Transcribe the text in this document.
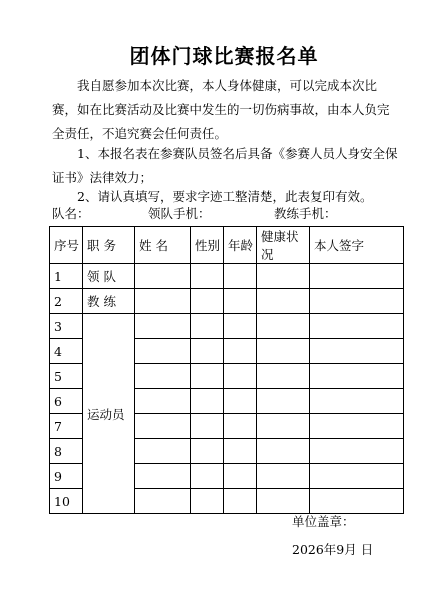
团体门球比赛报名单
我自愿参加本次比赛，本人身体健康，可以完成本次比赛，如在比赛活动及比赛中发生的一切伤病事故，由本人负完全责任，不追究赛会任何责任。
1、本报名表在参赛队员签名后具备《参赛人员人身安全保证书》法律效力；
2、请认真填写，要求字迹工整清楚，此表复印有效。
队名：	领队手机：	教练手机：
序号	职 务	姓 名	性别	年龄	健康状况	本人签字
1	领 队					
2	教 练					
3	运动员					
4						
5						
6						
7						
8						
9						
10						
单位盖章：
2026年9月 日
